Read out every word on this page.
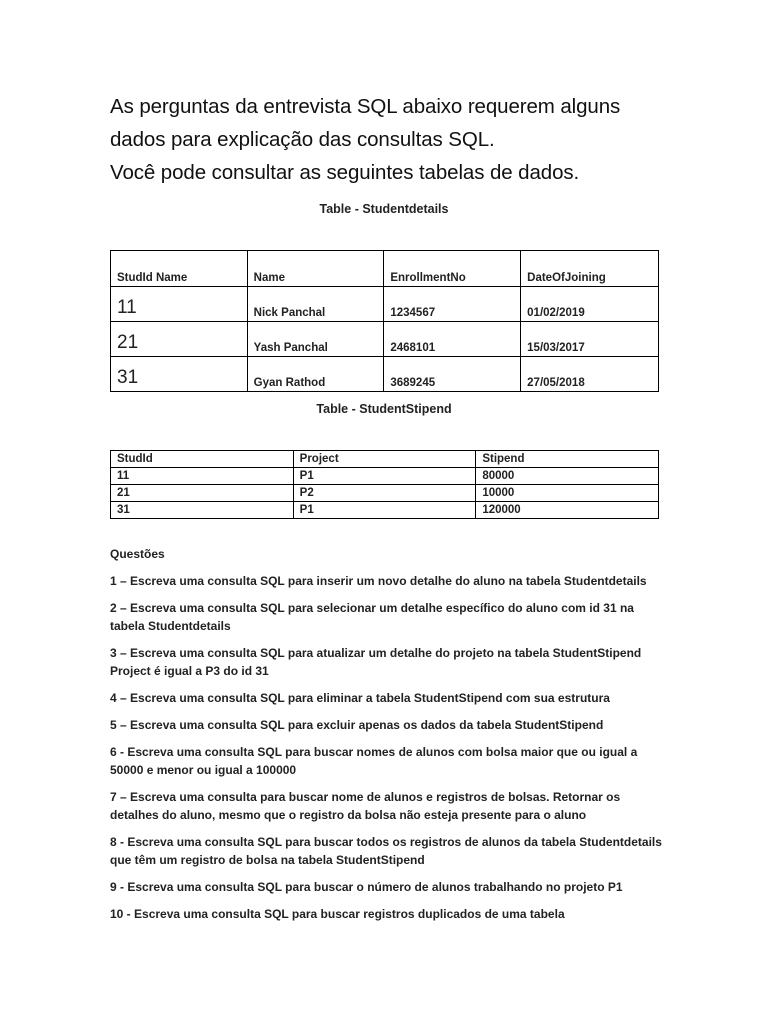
As perguntas da entrevista SQL abaixo requerem alguns
dados para explicação das consultas SQL.
Você pode consultar as seguintes tabelas de dados.
Table - Studentdetails
StudId Name	Name	EnrollmentNo	DateOfJoining
11	Nick Panchal	1234567	01/02/2019
21	Yash Panchal	2468101	15/03/2017
31	Gyan Rathod	3689245	27/05/2018
Table - StudentStipend
StudId	Project	Stipend
11	P1	80000
21	P2	10000
31	P1	120000
Questões
1 – Escreva uma consulta SQL para inserir um novo detalhe do aluno na tabela Studentdetails
2 – Escreva uma consulta SQL para selecionar um detalhe específico do aluno com id 31 na tabela Studentdetails
3 – Escreva uma consulta SQL para atualizar um detalhe do projeto na tabela StudentStipend Project é igual a P3 do id 31
4 – Escreva uma consulta SQL para eliminar a tabela StudentStipend com sua estrutura
5 – Escreva uma consulta SQL para excluir apenas os dados da tabela StudentStipend
6 - Escreva uma consulta SQL para buscar nomes de alunos com bolsa maior que ou igual a 50000 e menor ou igual a 100000
7 – Escreva uma consulta para buscar nome de alunos e registros de bolsas. Retornar os detalhes do aluno, mesmo que o registro da bolsa não esteja presente para o aluno
8 - Escreva uma consulta SQL para buscar todos os registros de alunos da tabela Studentdetails que têm um registro de bolsa na tabela StudentStipend
9 - Escreva uma consulta SQL para buscar o número de alunos trabalhando no projeto P1
10 - Escreva uma consulta SQL para buscar registros duplicados de uma tabela
